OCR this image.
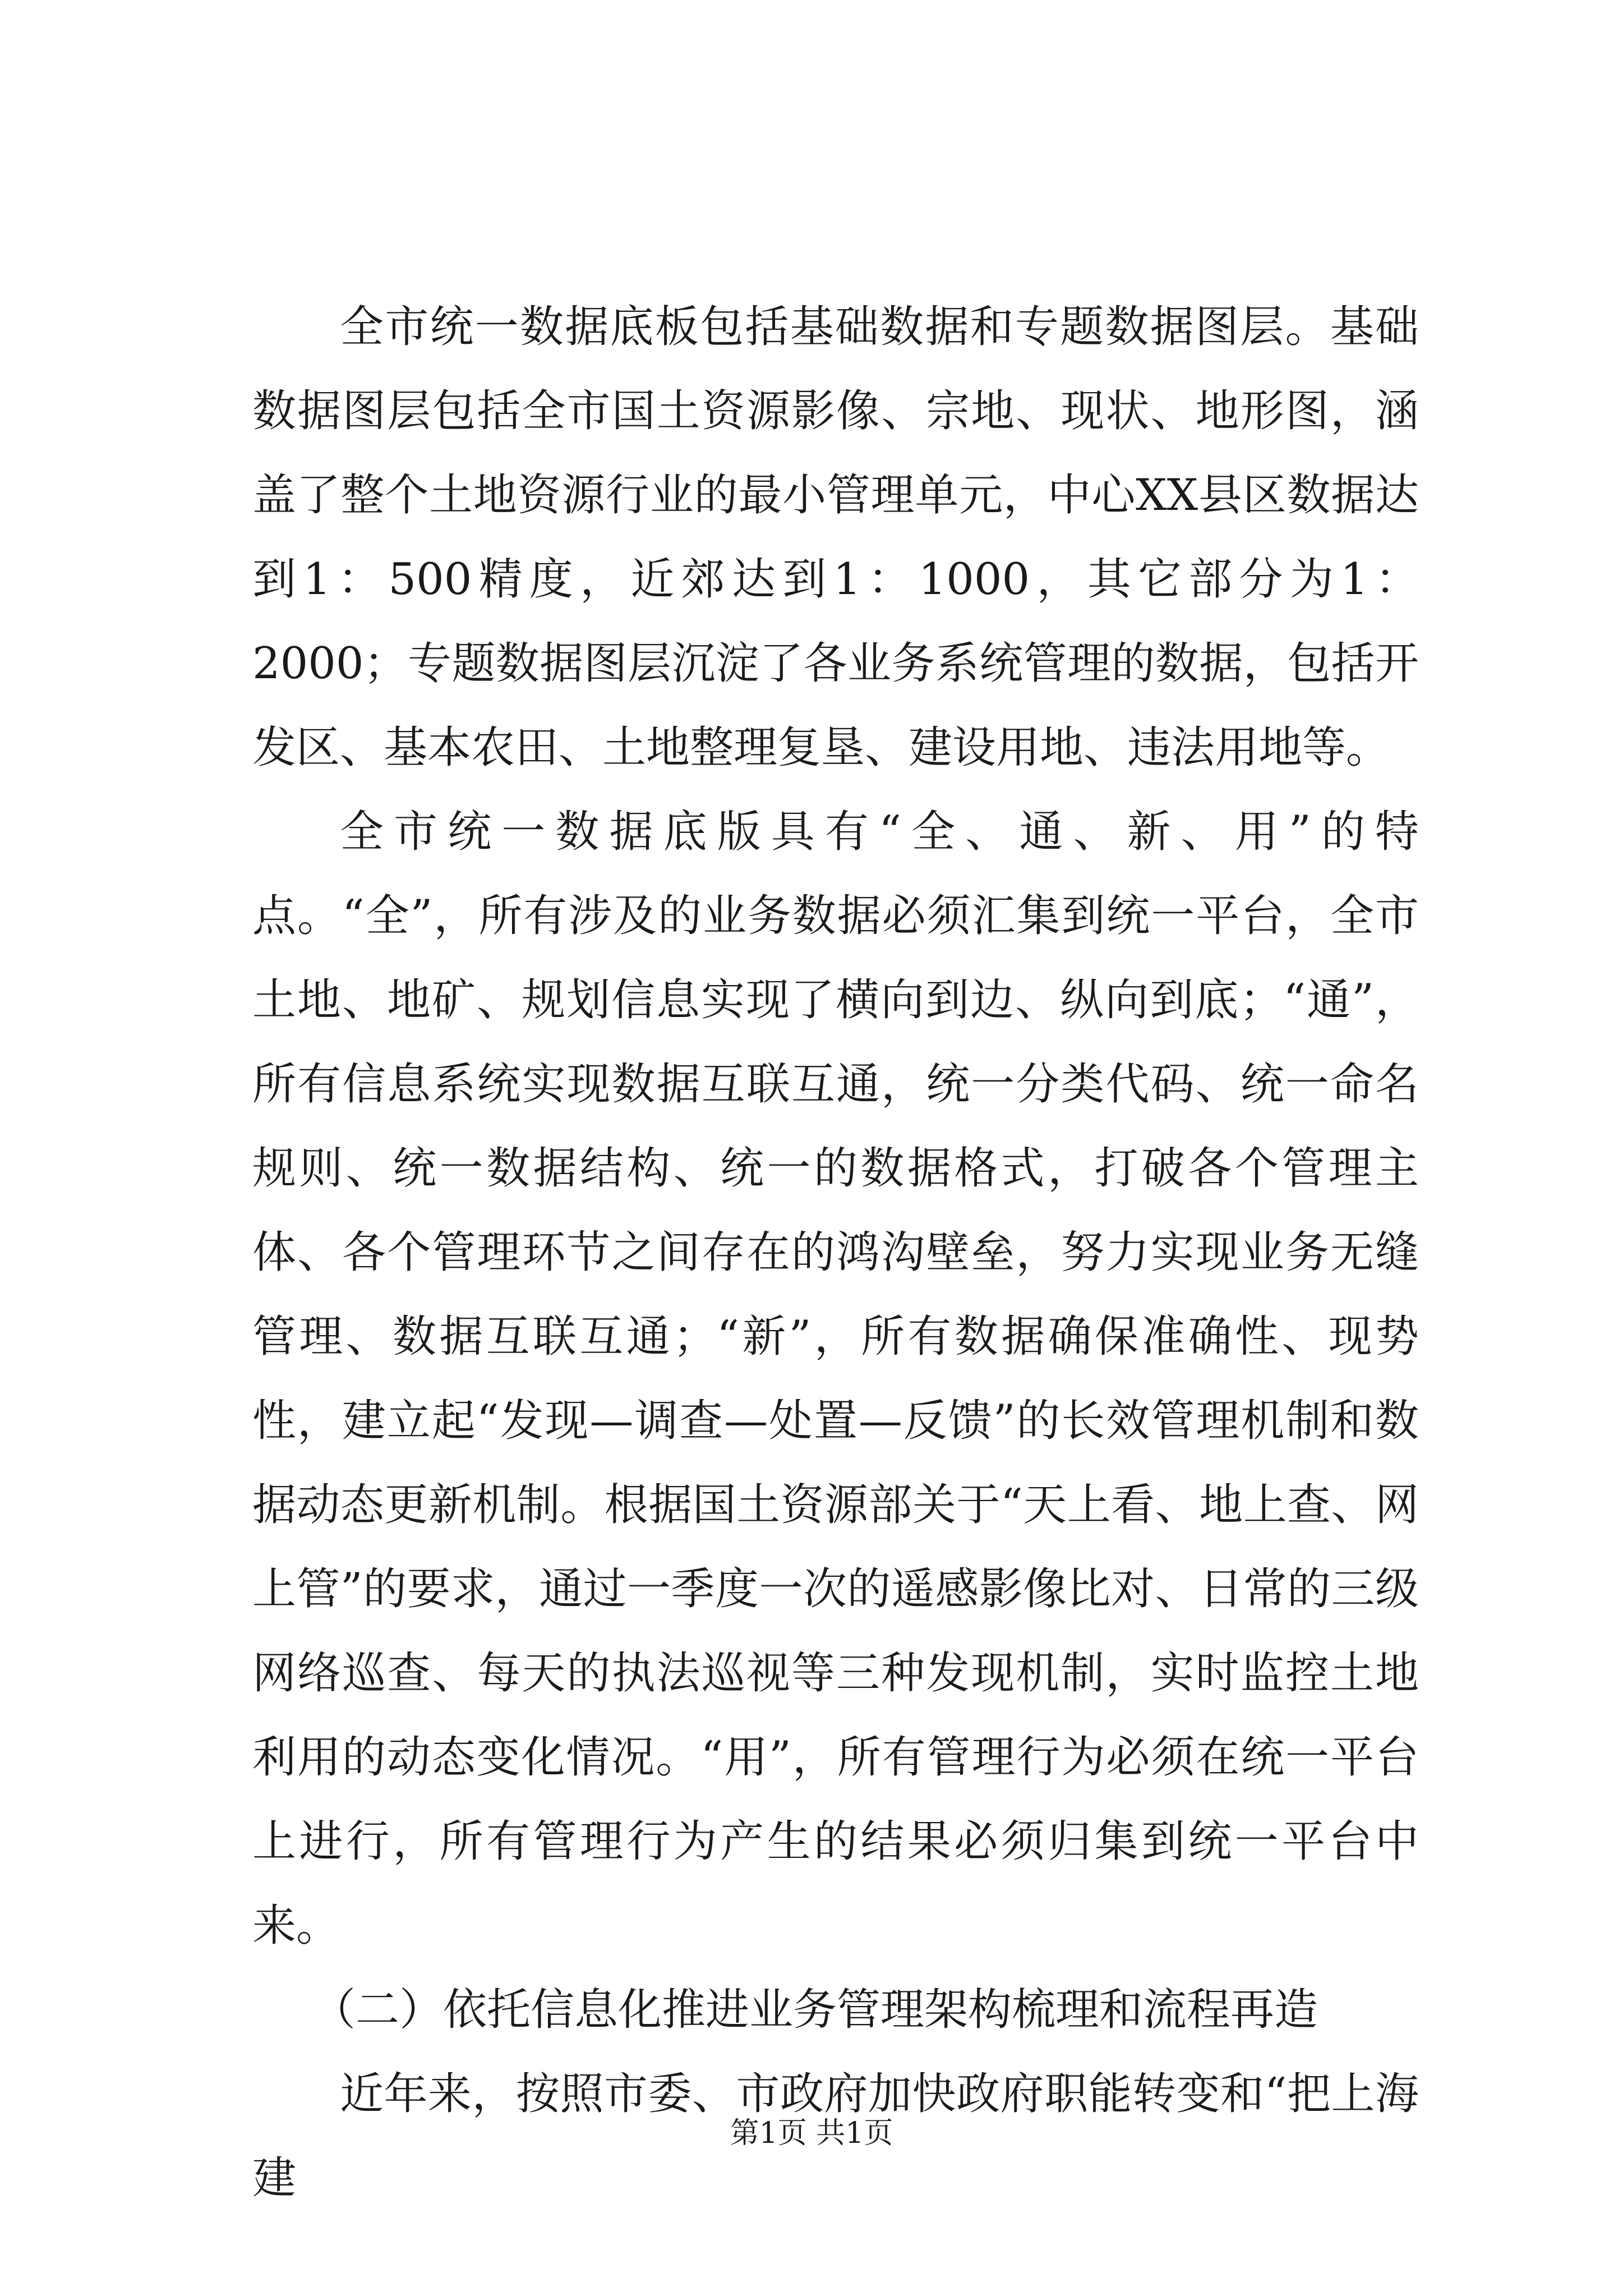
全市统一数据底板包括基础数据和专题数据图层。基础数据图层包括全市国土资源影像、宗地、现状、地形图，涵盖了整个土地资源行业的最小管理单元，中心XX县区数据达到1：500精度，近郊达到1：1000，其它部分为1：2000；专题数据图层沉淀了各业务系统管理的数据，包括开发区、基本农田、土地整理复垦、建设用地、违法用地等。

全市统一数据底版具有“全、通、新、用”的特点。“全”，所有涉及的业务数据必须汇集到统一平台，全市土地、地矿、规划信息实现了横向到边、纵向到底；“通”，所有信息系统实现数据互联互通，统一分类代码、统一命名规则、统一数据结构、统一的数据格式，打破各个管理主体、各个管理环节之间存在的鸿沟壁垒，努力实现业务无缝管理、数据互联互通；“新”，所有数据确保准确性、现势性，建立起“发现—调查—处置—反馈”的长效管理机制和数据动态更新机制。根据国土资源部关于“天上看、地上查、网上管”的要求，通过一季度一次的遥感影像比对、日常的三级网络巡查、每天的执法巡视等三种发现机制，实时监控土地利用的动态变化情况。“用”，所有管理行为必须在统一平台上进行，所有管理行为产生的结果必须归集到统一平台中来。

（二）依托信息化推进业务管理架构梳理和流程再造

近年来，按照市委、市政府加快政府职能转变和“把上海建

第1页 共1页
